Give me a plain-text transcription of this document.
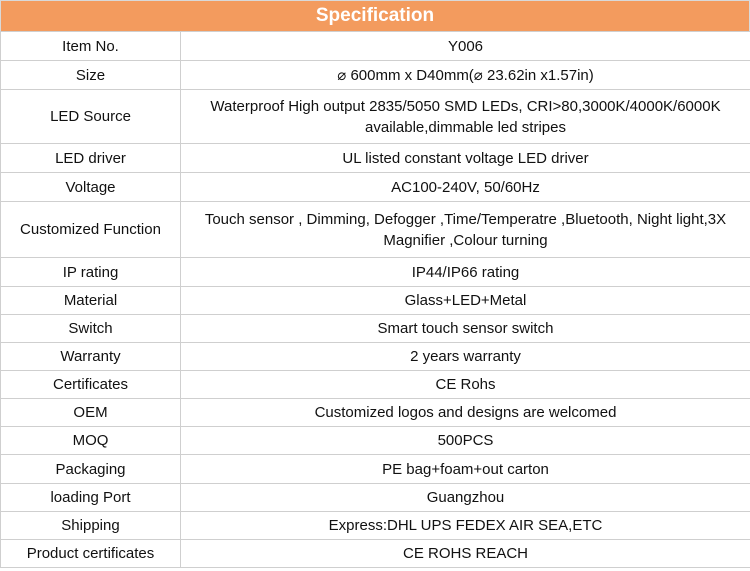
Specification
Item No.	Y006
Size	⌀ 600mm x D40mm(⌀ 23.62in x1.57in)
LED Source	Waterproof High output 2835/5050 SMD LEDs, CRI>80,3000K/4000K/6000K available,dimmable led stripes
LED driver	UL listed constant voltage LED driver
Voltage	AC100-240V, 50/60Hz
Customized Function	Touch sensor , Dimming, Defogger ,Time/Temperatre ,Bluetooth, Night light,3X Magnifier ,Colour turning
IP rating	IP44/IP66 rating
Material	Glass+LED+Metal
Switch	Smart touch sensor switch
Warranty	2 years warranty
Certificates	CE Rohs
OEM	Customized logos and designs are welcomed
MOQ	500PCS
Packaging	PE bag+foam+out carton
loading Port	Guangzhou
Shipping	Express:DHL UPS FEDEX AIR SEA,ETC
Product certificates	CE ROHS REACH
